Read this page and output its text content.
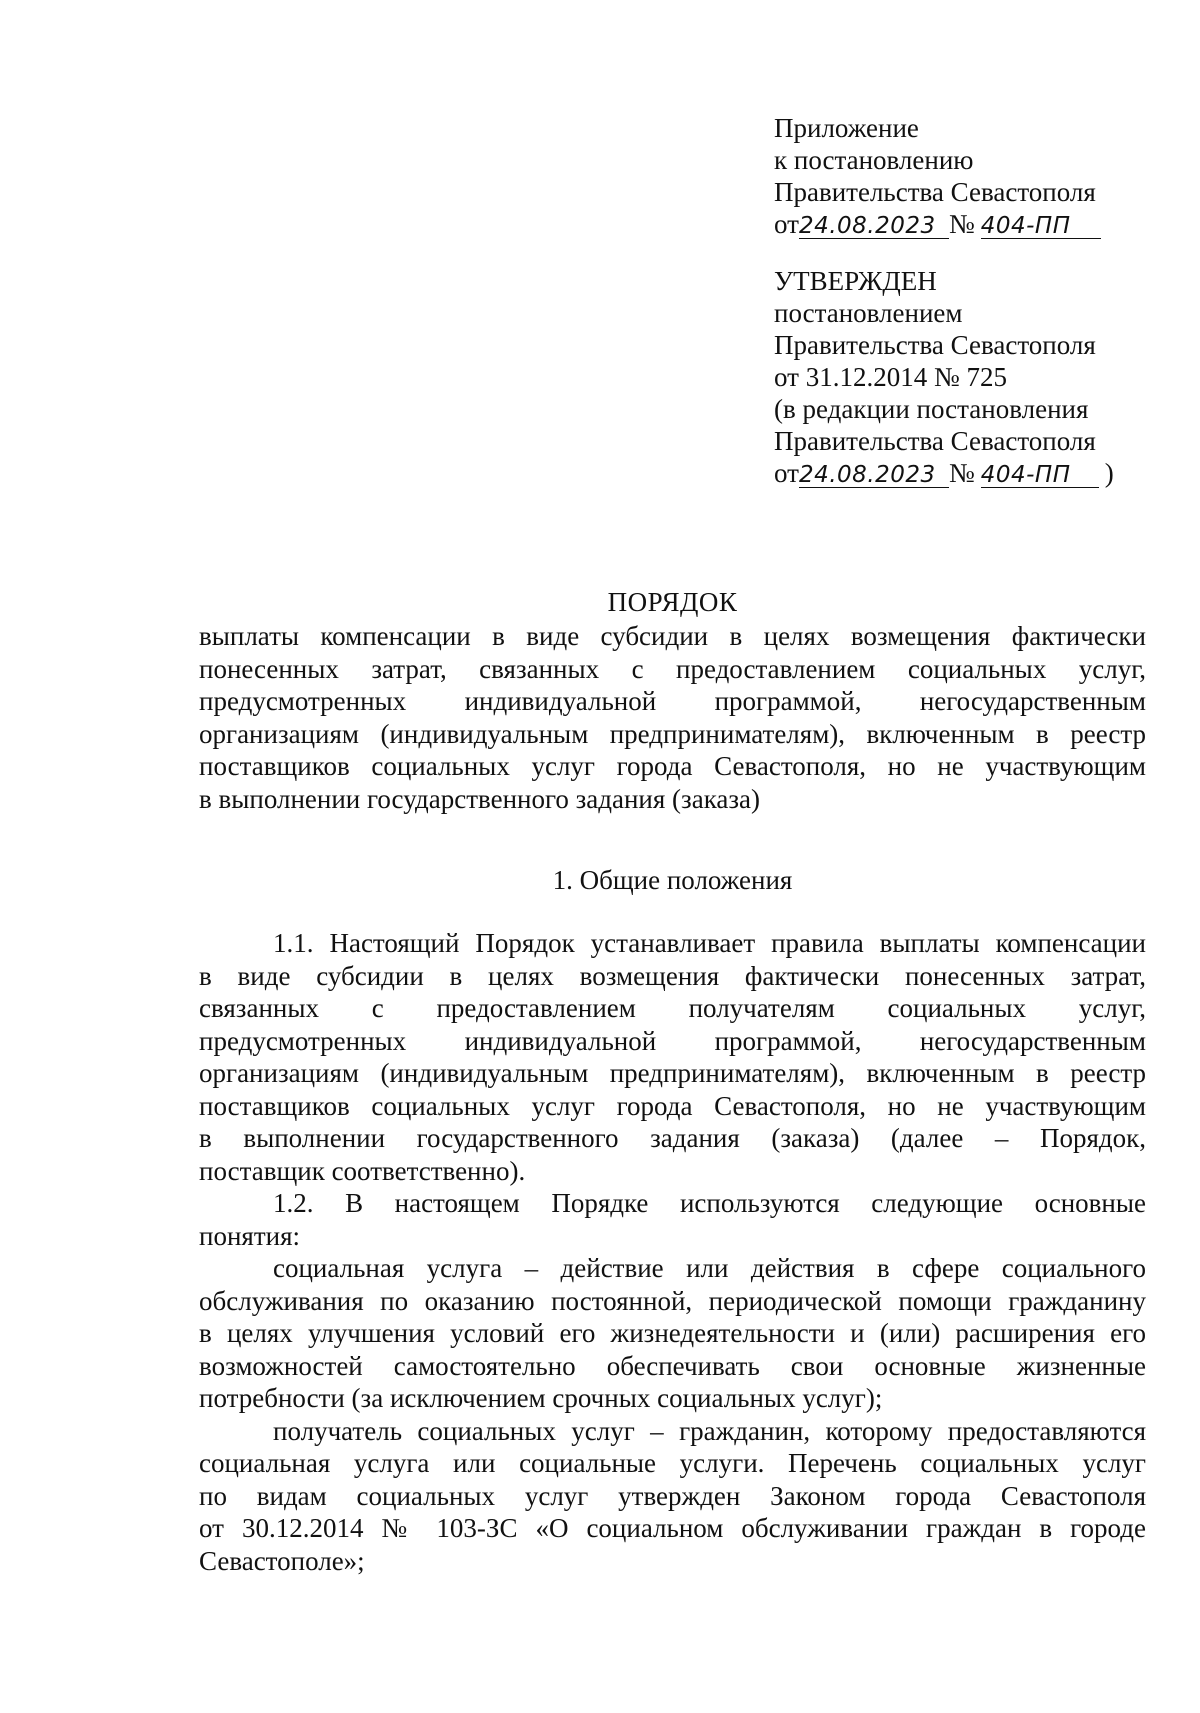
Приложение
к постановлению
Правительства Севастополя
от24.08.2023 № 404-ПП
УТВЕРЖДЕН
постановлением
Правительства Севастополя
от 31.12.2014 № 725
(в редакции постановления
Правительства Севастополя
от24.08.2023 № 404-ПП )
ПОРЯДОК
выплаты компенсации в виде субсидии в целях возмещения фактически
понесенных затрат, связанных с предоставлением социальных услуг,
предусмотренных индивидуальной программой, негосударственным
организациям (индивидуальным предпринимателям), включенным в реестр
поставщиков социальных услуг города Севастополя, но не участвующим
в выполнении государственного задания (заказа)
1. Общие положения
1.1. Настоящий Порядок устанавливает правила выплаты компенсации
в виде субсидии в целях возмещения фактически понесенных затрат,
связанных с предоставлением получателям социальных услуг,
предусмотренных индивидуальной программой, негосударственным
организациям (индивидуальным предпринимателям), включенным в реестр
поставщиков социальных услуг города Севастополя, но не участвующим
в выполнении государственного задания (заказа) (далее – Порядок,
поставщик соответственно).
1.2. В настоящем Порядке используются следующие основные
понятия:
социальная услуга – действие или действия в сфере социального
обслуживания по оказанию постоянной, периодической помощи гражданину
в целях улучшения условий его жизнедеятельности и (или) расширения его
возможностей самостоятельно обеспечивать свои основные жизненные
потребности (за исключением срочных социальных услуг);
получатель социальных услуг – гражданин, которому предоставляются
социальная услуга или социальные услуги. Перечень социальных услуг
по видам социальных услуг утвержден Законом города Севастополя
от 30.12.2014 № 103-ЗС «О социальном обслуживании граждан в городе
Севастополе»;
